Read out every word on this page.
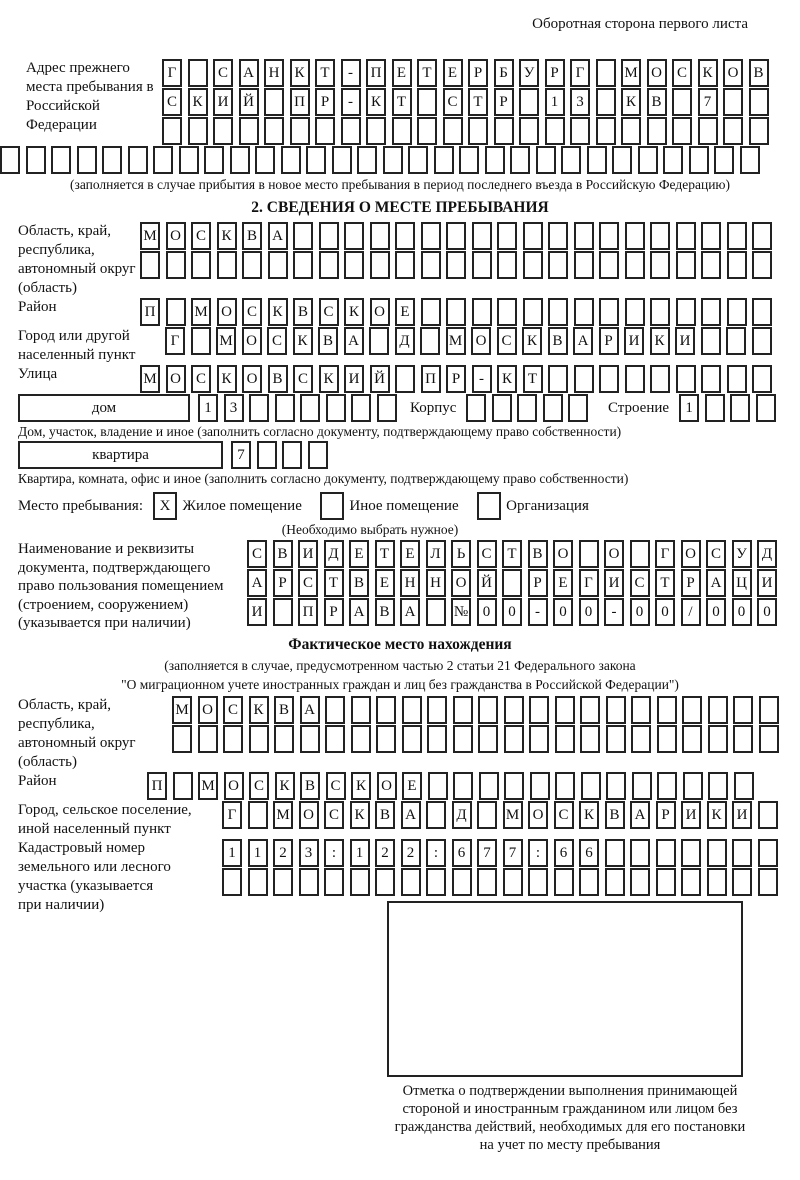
Оборотная сторона первого листа
Адрес прежнего места пребывания в Российской Федерации
Г	С	А Н	К	Т	-	П	Е	Т	Е	Р	Б	У	Р	Г	М О	С	К	О	В
С	К	И Й	П	Р	-	К	Т	С	Т	Р	1	3	К	В	7
(заполняется в случае прибытия в новое место пребывания в период последнего въезда в Российскую Федерацию)
2. СВЕДЕНИЯ О МЕСТЕ ПРЕБЫВАНИЯ
Область, край, республика, автономный округ (область)
М О	С	К	В	А
Район	П	М О	С	К	В	С	К	О	Е
Город или другой населенный пункт
Г	М О	С	К	В	А	Д	М О	С	К	В	А	Р	И	К	И
Улица	М О	С	К	О	В	С	К	И Й	П	Р	-	К	Т
дом	1	3	Корпус	Строение	1
Дом, участок, владение и иное (заполнить согласно документу, подтверждающему право собственности)
квартира	7
Квартира, комната, офис и иное (заполнить согласно документу, подтверждающему право собственности)
Место пребывания:	X Жилое помещение	Иное помещение	Организация
(Необходимо выбрать нужное)
Наименование и реквизиты документа, подтверждающего право пользования помещением (строением, сооружением) (указывается при наличии)
С	В	И Д	Е	Т	Е	Л	Ь	С	Т	В	О	О	Г	О	С	У	Д
А	Р	С	Т	В	Е	Н Н О Й	Р	Е	Г	И	С	Т	Р	А Ц И
И	П	Р	А	В	А	№ 0	0	-	0	0	-	0	0	/	0	0	0
Фактическое место нахождения
(заполняется в случае, предусмотренном частью 2 статьи 21 Федерального закона
"О миграционном учете иностранных граждан и лиц без гражданства в Российской Федерации")
Область, край, республика, автономный округ (область)
М О	С	К	В	А
Район	П	М О	С	К	В	С	К	О	Е
Город, сельское поселение, иной населенный пункт
Г	М О	С	К	В	А	Д	М О	С	К	В	А	Р	И	К	И
Кадастровый номер земельного или лесного участка (указывается при наличии)
1	1	2	3	:	1	2	2	:	6	7	7	:	6	6
Отметка о подтверждении выполнения принимающей
стороной и иностранным гражданином или лицом без
гражданства действий, необходимых для его постановки
на учет по месту пребывания
